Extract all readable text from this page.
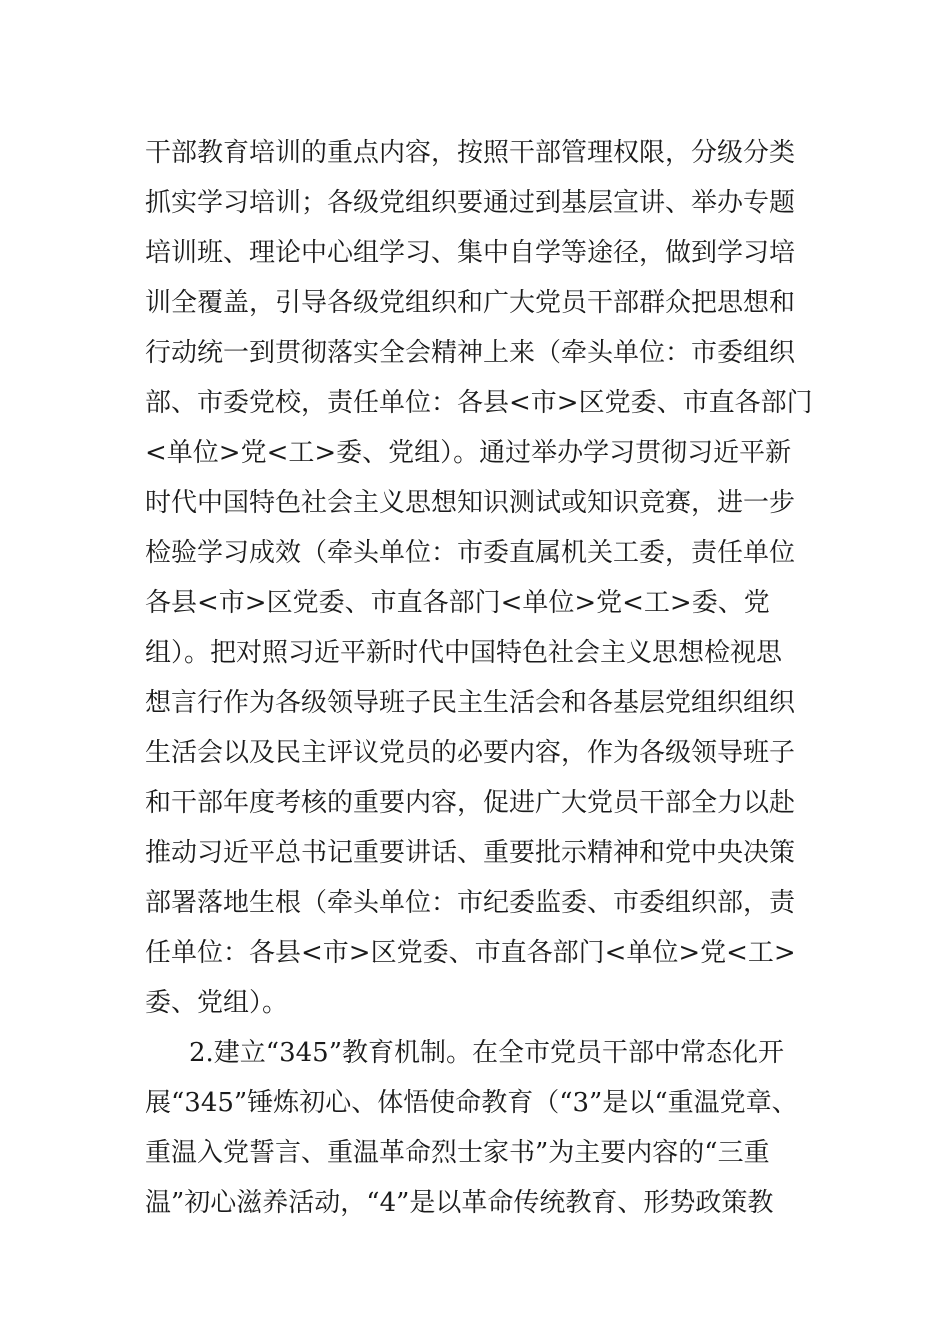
干部教育培训的重点内容，按照干部管理权限，分级分类
抓实学习培训；各级党组织要通过到基层宣讲、举办专题
培训班、理论中心组学习、集中自学等途径，做到学习培
训全覆盖，引导各级党组织和广大党员干部群众把思想和
行动统一到贯彻落实全会精神上来（牵头单位：市委组织
部、市委党校，责任单位：各县<市>区党委、市直各部门
<单位>党<工>委、党组）。通过举办学习贯彻习近平新
时代中国特色社会主义思想知识测试或知识竞赛，进一步
检验学习成效（牵头单位：市委直属机关工委，责任单位
各县<市>区党委、市直各部门<单位>党<工>委、党
组）。把对照习近平新时代中国特色社会主义思想检视思
想言行作为各级领导班子民主生活会和各基层党组织组织
生活会以及民主评议党员的必要内容，作为各级领导班子
和干部年度考核的重要内容，促进广大党员干部全力以赴
推动习近平总书记重要讲话、重要批示精神和党中央决策
部署落地生根（牵头单位：市纪委监委、市委组织部，责
任单位：各县<市>区党委、市直各部门<单位>党<工>
委、党组）。
2.建立“345”教育机制。在全市党员干部中常态化开
展“345”锤炼初心、体悟使命教育（“3”是以“重温党章、
重温入党誓言、重温革命烈士家书”为主要内容的“三重
温”初心滋养活动，“4”是以革命传统教育、形势政策教
